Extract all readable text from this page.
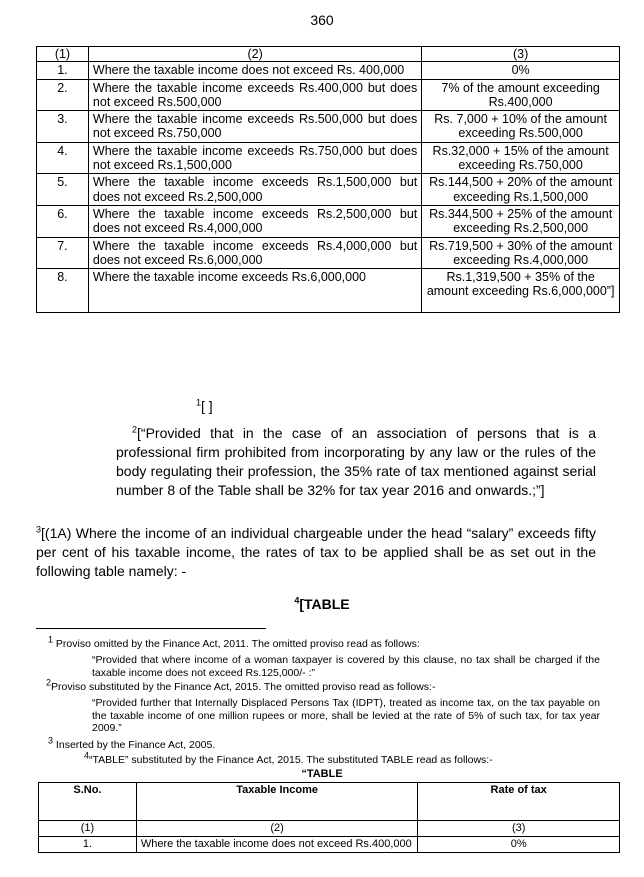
360
(1)	(2)	(3)
1.	Where the taxable income does not exceed Rs. 400,000	0%
2.	Where the taxable income exceeds Rs.400,000 but does not exceed Rs.500,000	7% of the amount exceeding Rs.400,000
3.	Where the taxable income exceeds Rs.500,000 but does not exceed Rs.750,000	Rs. 7,000 + 10% of the amount exceeding Rs.500,000
4.	Where the taxable income exceeds Rs.750,000 but does not exceed Rs.1,500,000	Rs.32,000 + 15% of the amount exceeding Rs.750,000
5.	Where the taxable income exceeds Rs.1,500,000 but does not exceed Rs.2,500,000	Rs.144,500 + 20% of the amount exceeding Rs.1,500,000
6.	Where the taxable income exceeds Rs.2,500,000 but does not exceed Rs.4,000,000	Rs.344,500 + 25% of the amount exceeding Rs.2,500,000
7.	Where the taxable income exceeds Rs.4,000,000 but does not exceed Rs.6,000,000	Rs.719,500 + 30% of the amount exceeding Rs.4,000,000
8.	Where the taxable income exceeds Rs.6,000,000	Rs.1,319,500 + 35% of the amount exceeding Rs.6,000,000”]
$^1$[ ]
$^2$[“Provided that in the case of an association of persons that is a professional firm prohibited from incorporating by any law or the rules of the body regulating their profession, the 35% rate of tax mentioned against serial number 8 of the Table shall be 32% for tax year 2016 and onwards.;”]
$^3$[(1A) Where the income of an individual chargeable under the head “salary” exceeds fifty per cent of his taxable income, the rates of tax to be applied shall be as set out in the following table namely: -
$^4$[TABLE
$^1$ Proviso omitted by the Finance Act, 2011. The omitted proviso read as follows:
“Provided that where income of a woman taxpayer is covered by this clause, no tax shall be charged if the taxable income does not exceed Rs.125,000/- :”
$^2$Proviso substituted by the Finance Act, 2015. The omitted proviso read as follows:-
“Provided further that Internally Displaced Persons Tax (IDPT), treated as income tax, on the tax payable on the taxable income of one million rupees or more, shall be levied at the rate of 5% of such tax, for tax year 2009.”
$^3$ Inserted by the Finance Act, 2005.
$^4$“TABLE” substituted by the Finance Act, 2015. The substituted TABLE read as follows:-
“TABLE
S.No.	Taxable Income	Rate of tax
(1)	(2)	(3)
1.	Where the taxable income does not exceed Rs.400,000	0%
